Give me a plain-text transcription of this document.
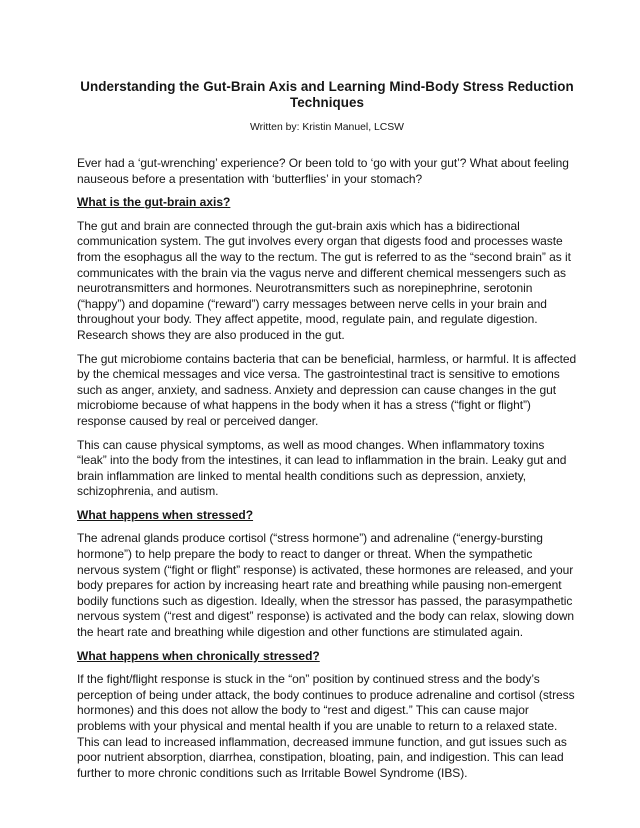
Understanding the Gut-Brain Axis and Learning Mind-Body Stress Reduction Techniques
Written by: Kristin Manuel, LCSW

Ever had a ‘gut-wrenching’ experience? Or been told to ‘go with your gut’? What about feeling nauseous before a presentation with ‘butterflies’ in your stomach?

What is the gut-brain axis?

The gut and brain are connected through the gut-brain axis which has a bidirectional communication system. The gut involves every organ that digests food and processes waste from the esophagus all the way to the rectum. The gut is referred to as the “second brain” as it communicates with the brain via the vagus nerve and different chemical messengers such as neurotransmitters and hormones. Neurotransmitters such as norepinephrine, serotonin (“happy”) and dopamine (“reward”) carry messages between nerve cells in your brain and throughout your body. They affect appetite, mood, regulate pain, and regulate digestion. Research shows they are also produced in the gut.

The gut microbiome contains bacteria that can be beneficial, harmless, or harmful. It is affected by the chemical messages and vice versa. The gastrointestinal tract is sensitive to emotions such as anger, anxiety, and sadness. Anxiety and depression can cause changes in the gut microbiome because of what happens in the body when it has a stress (“fight or flight”) response caused by real or perceived danger.

This can cause physical symptoms, as well as mood changes. When inflammatory toxins “leak” into the body from the intestines, it can lead to inflammation in the brain. Leaky gut and brain inflammation are linked to mental health conditions such as depression, anxiety, schizophrenia, and autism.

What happens when stressed?

The adrenal glands produce cortisol (“stress hormone”) and adrenaline (“energy-bursting hormone”) to help prepare the body to react to danger or threat. When the sympathetic nervous system (“fight or flight” response) is activated, these hormones are released, and your body prepares for action by increasing heart rate and breathing while pausing non-emergent bodily functions such as digestion. Ideally, when the stressor has passed, the parasympathetic nervous system (“rest and digest” response) is activated and the body can relax, slowing down the heart rate and breathing while digestion and other functions are stimulated again.

What happens when chronically stressed?

If the fight/flight response is stuck in the “on” position by continued stress and the body’s perception of being under attack, the body continues to produce adrenaline and cortisol (stress hormones) and this does not allow the body to “rest and digest.” This can cause major problems with your physical and mental health if you are unable to return to a relaxed state. This can lead to increased inflammation, decreased immune function, and gut issues such as poor nutrient absorption, diarrhea, constipation, bloating, pain, and indigestion. This can lead further to more chronic conditions such as Irritable Bowel Syndrome (IBS).
